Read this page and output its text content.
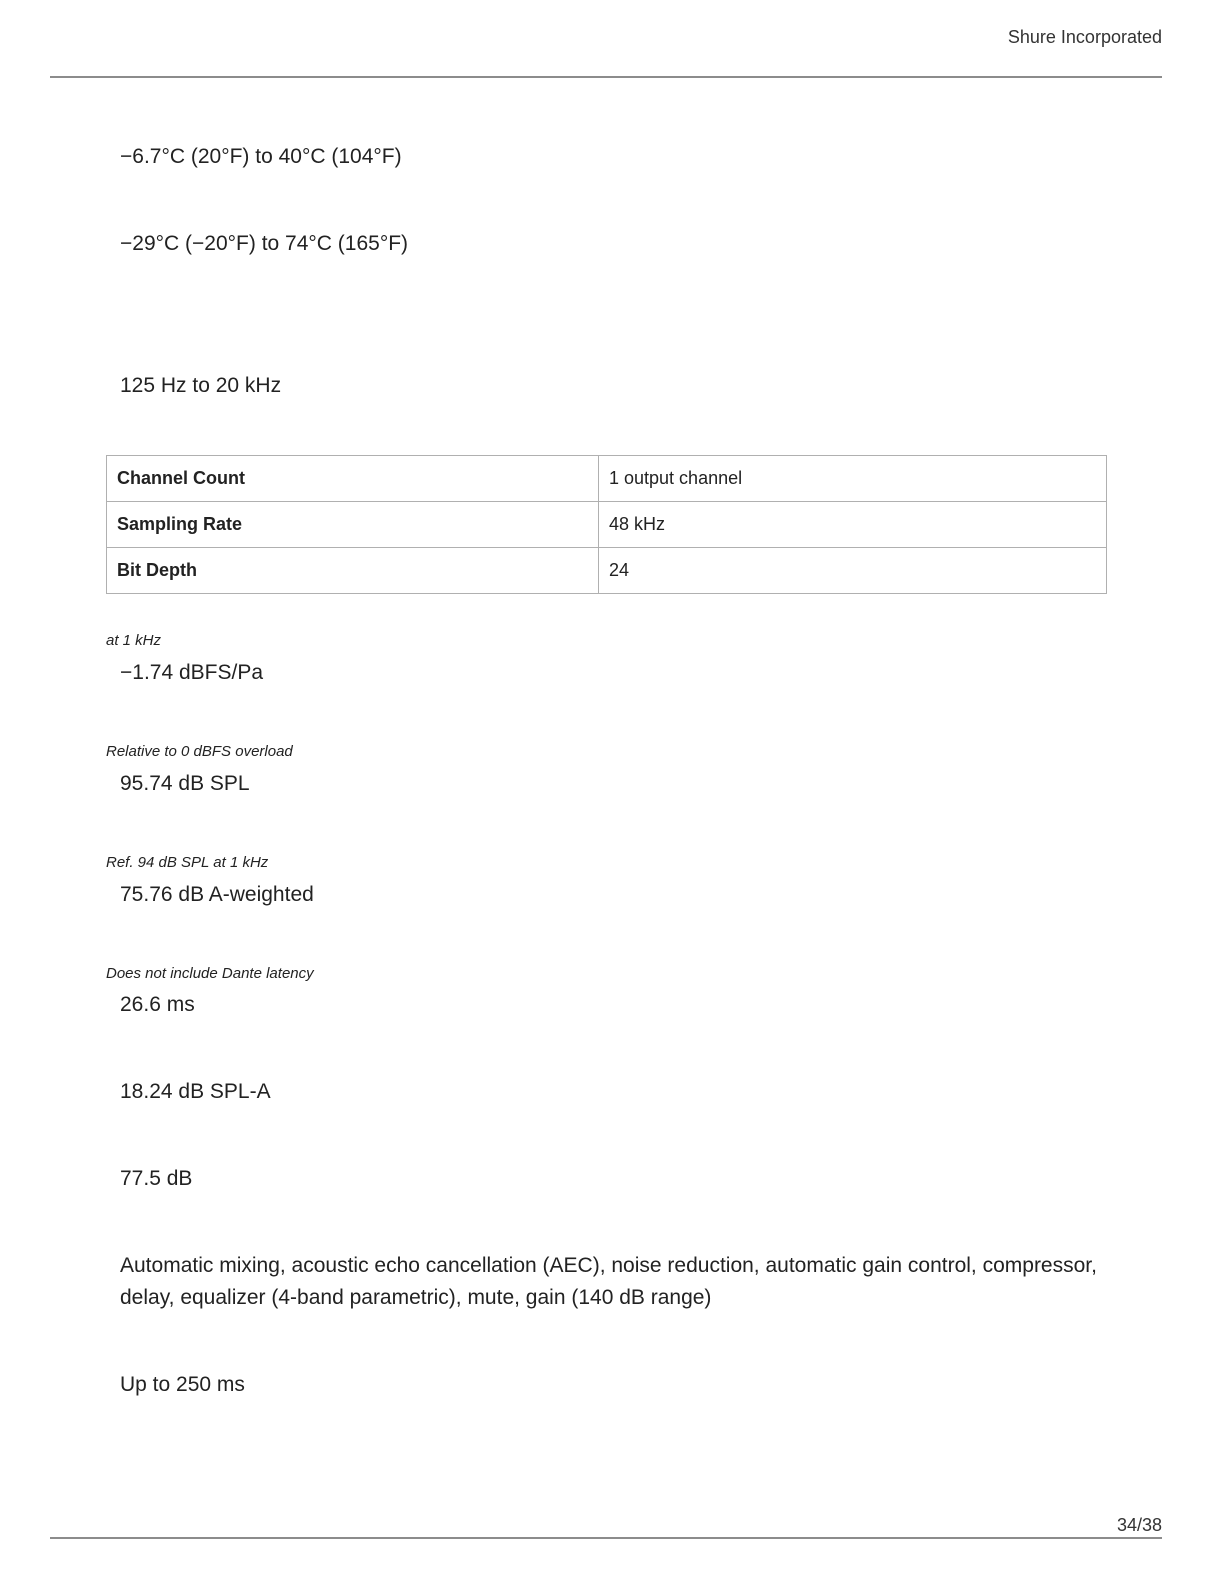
Shure Incorporated
−6.7°C (20°F) to 40°C (104°F)
−29°C (−20°F) to 74°C (165°F)
125 Hz to 20 kHz
Channel Count	1 output channel
Sampling Rate	48 kHz
Bit Depth	24
at 1 kHz
−1.74 dBFS/Pa
Relative to 0 dBFS overload
95.74 dB SPL
Ref. 94 dB SPL at 1 kHz
75.76 dB A-weighted
Does not include Dante latency
26.6 ms
18.24 dB SPL-A
77.5 dB
Automatic mixing, acoustic echo cancellation (AEC), noise reduction, automatic gain control, compressor, delay, equalizer (4-band parametric), mute, gain (140 dB range)
Up to 250 ms
34/38
